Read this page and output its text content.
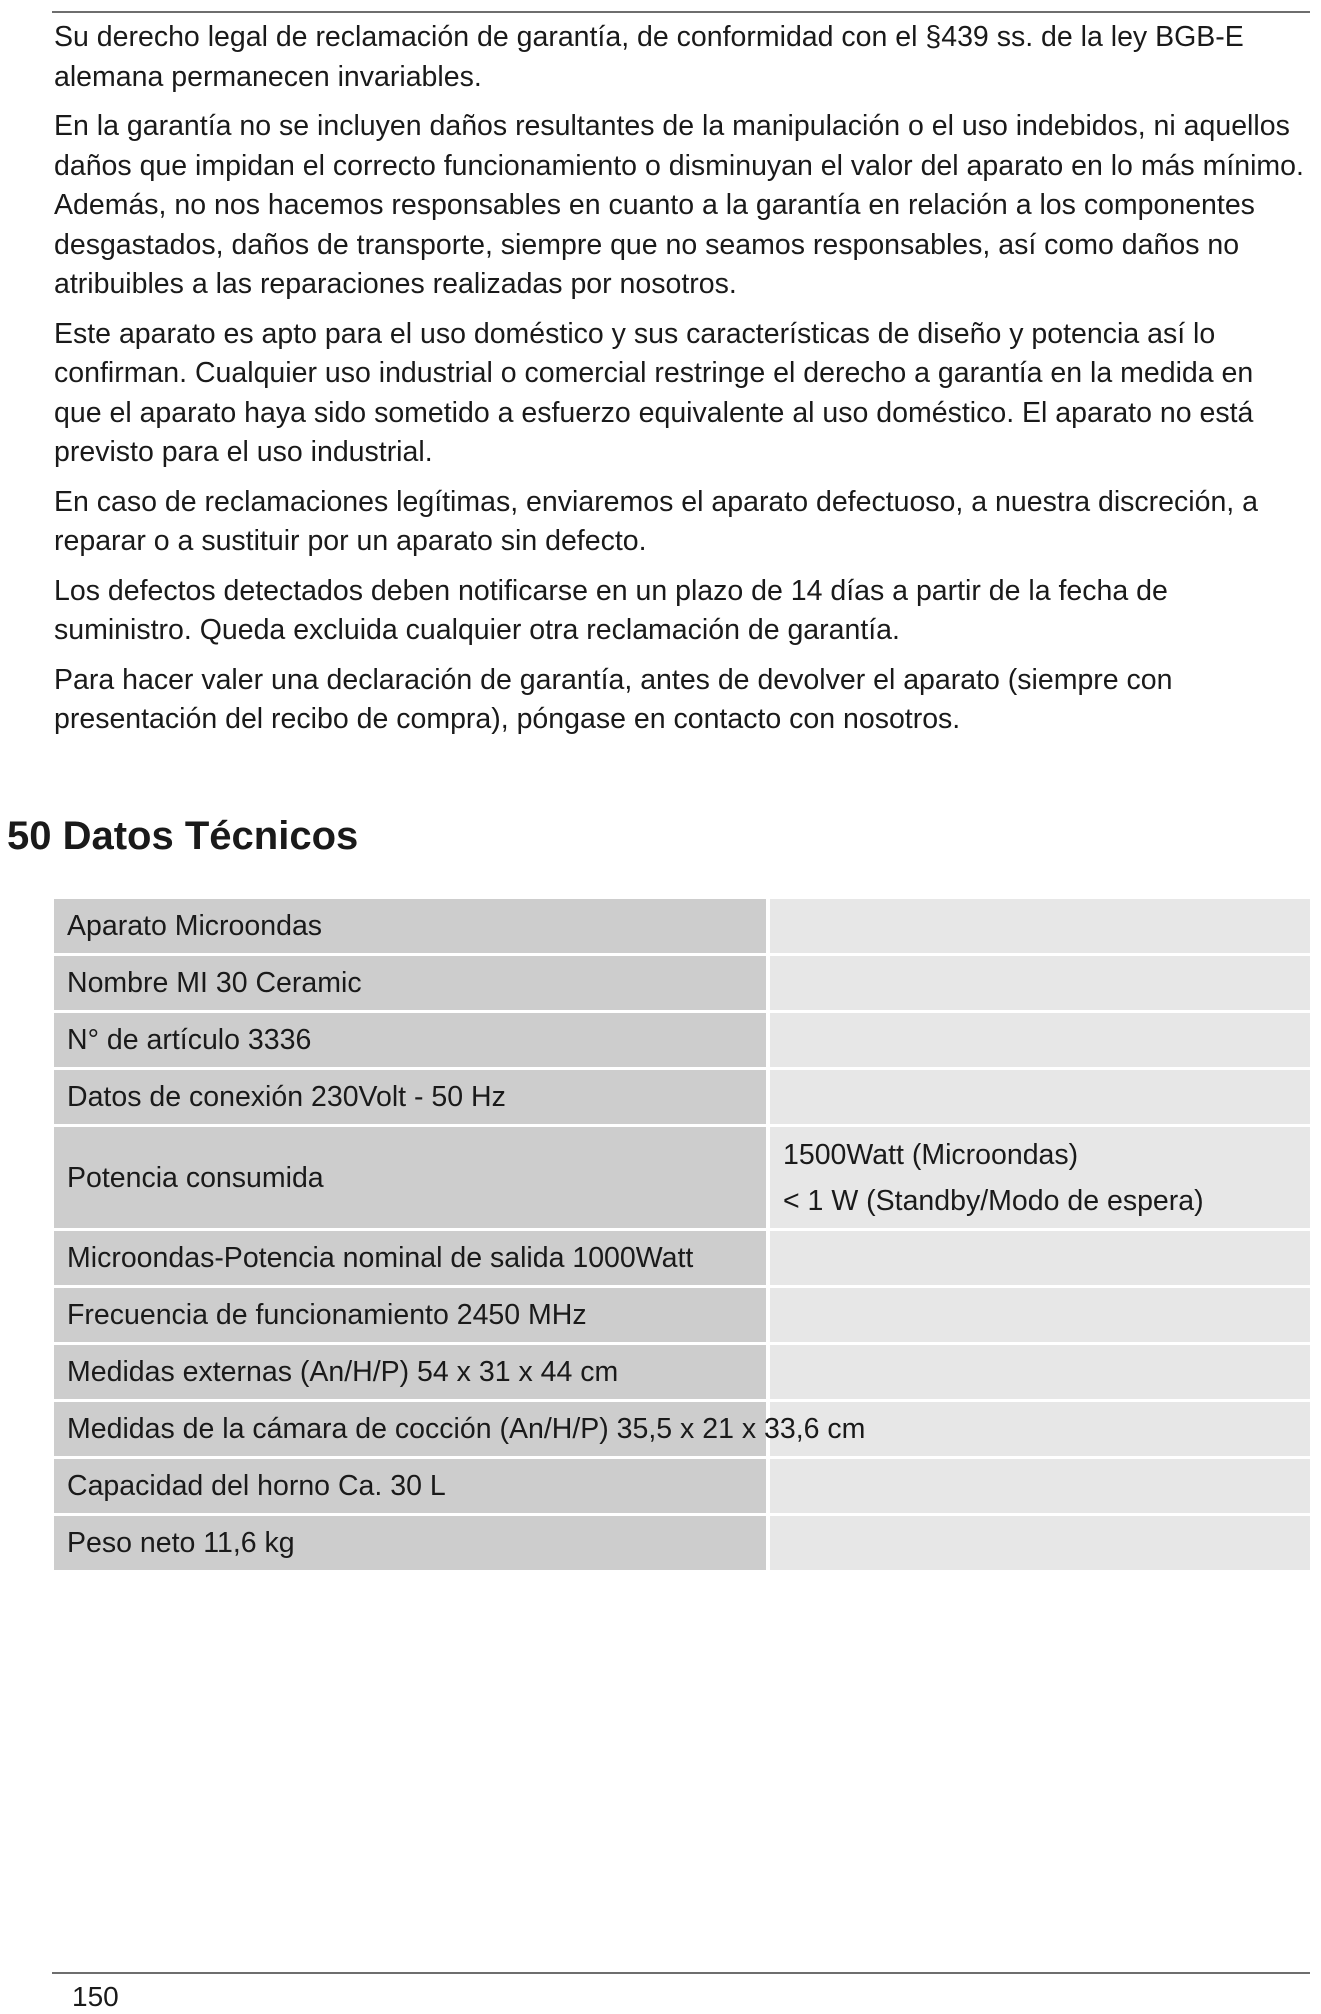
Su derecho legal de reclamación de garantía, de conformidad con el §439 ss. de la ley BGB-E alemana permanecen invariables.

En la garantía no se incluyen daños resultantes de la manipulación o el uso indebidos, ni aquellos daños que impidan el correcto funcionamiento o disminuyan el valor del aparato en lo más mínimo. Además, no nos hacemos responsables en cuanto a la garantía en relación a los componentes desgastados, daños de transporte, siempre que no seamos responsables, así como daños no atribuibles a las reparaciones realizadas por nosotros.

Este aparato es apto para el uso doméstico y sus características de diseño y potencia así lo confirman. Cualquier uso industrial o comercial restringe el derecho a garantía en la medida en que el aparato haya sido sometido a esfuerzo equivalente al uso doméstico. El aparato no está previsto para el uso industrial.

En caso de reclamaciones legítimas, enviaremos el aparato defectuoso, a nuestra discreción, a reparar o a sustituir por un aparato sin defecto.

Los defectos detectados deben notificarse en un plazo de 14 días a partir de la fecha de suministro. Queda excluida cualquier otra reclamación de garantía.

Para hacer valer una declaración de garantía, antes de devolver el aparato (siempre con presentación del recibo de compra), póngase en contacto con nosotros.

50 Datos Técnicos
Aparato Microondas	
Nombre MI 30 Ceramic	
N° de artículo 3336	
Datos de conexión 230Volt - 50 Hz	
Potencia consumida	1500Watt (Microondas)
< 1 W (Standby/Modo de espera)

Microondas-Potencia nominal de salida 1000Watt	
Frecuencia de funcionamiento 2450 MHz	
Medidas externas (An/H/P) 54 x 31 x 44 cm	
Medidas de la cámara de cocción (An/H/P) 35,5 x 21 x 33,6 cm	
Capacidad del horno Ca. 30 L	
Peso neto 11,6 kg	
150
